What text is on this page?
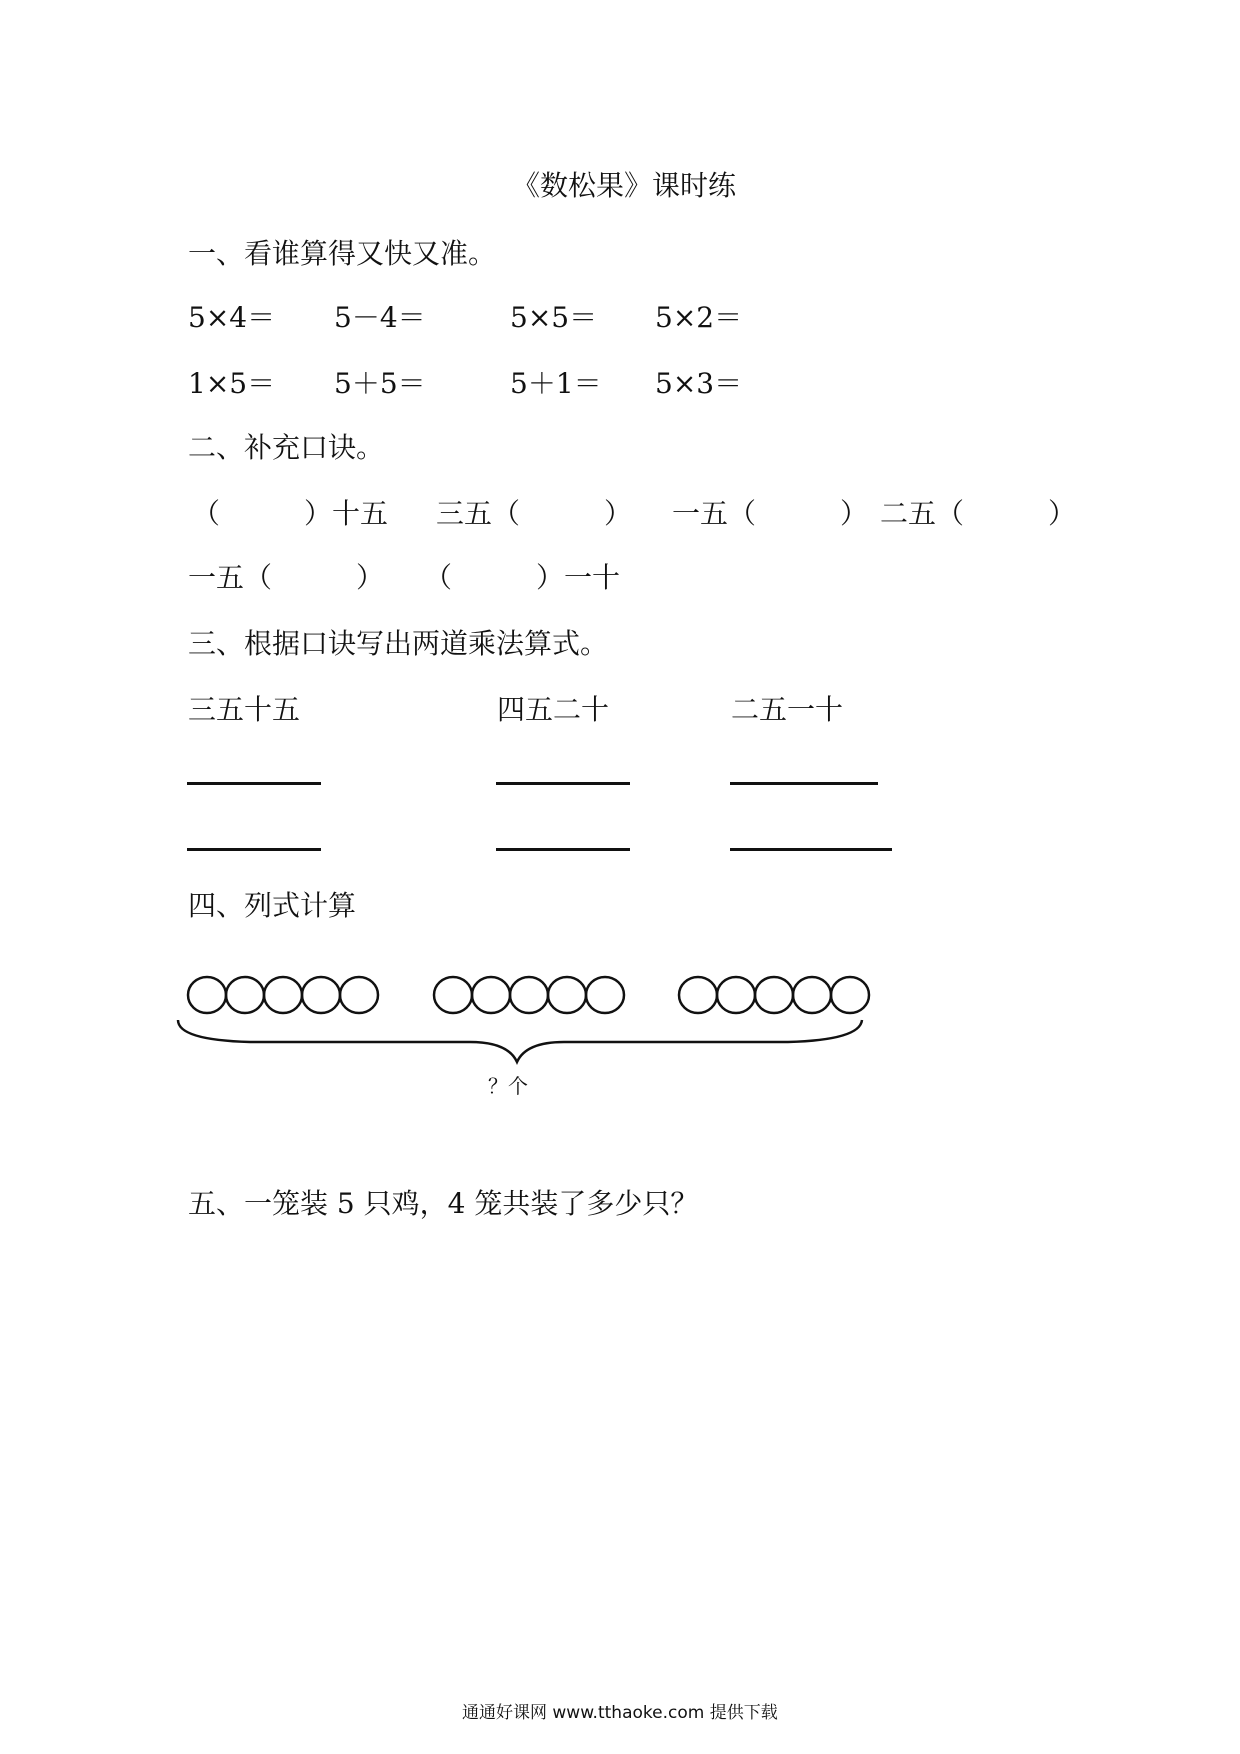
《数松果》课时练
一、看谁算得又快又准。
5×4＝ 5－4＝	5×5＝ 5×2＝
1×5＝ 5＋5＝	5＋1＝ 5×3＝
二、补充口诀。
（　　　）十五 三五（　　　） 一五（　　　） 二五（　　　）
一五（　　　） （　　　）一十
三、根据口诀写出两道乘法算式。
三五十五	四五二十	二五一十
四、列式计算
？个
五、一笼装 5 只鸡，4 笼共装了多少只？
通通好课网 www.tthaoke.com 提供下载
